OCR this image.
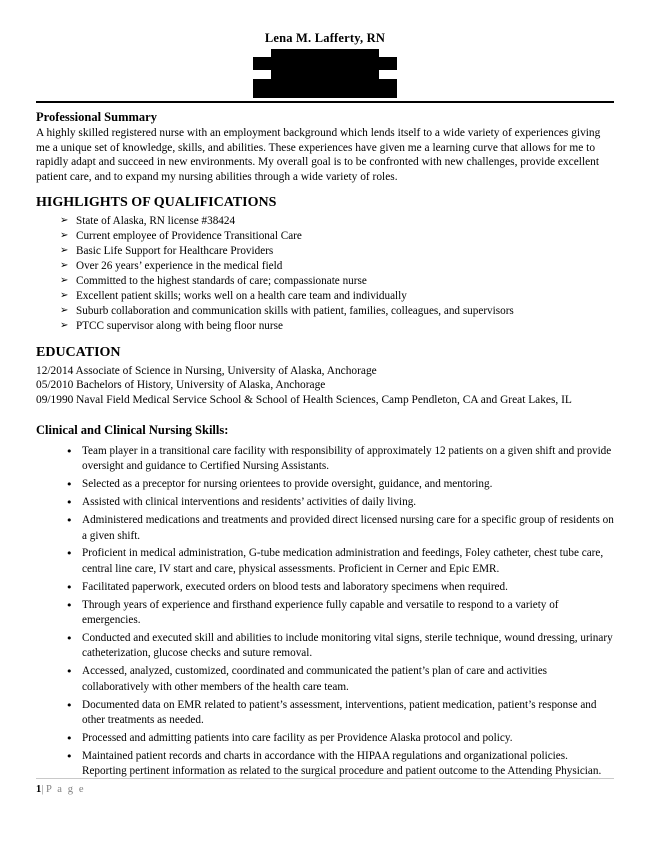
Lena M. Lafferty, RN
Professional Summary
A highly skilled registered nurse with an employment background which lends itself to a wide variety of experiences giving me a unique set of knowledge, skills, and abilities. These experiences have given me a learning curve that allows for me to rapidly adapt and succeed in new environments. My overall goal is to be confronted with new challenges, provide excellent patient care, and to expand my nursing abilities through a wide variety of roles.
HIGHLIGHTS OF QUALIFICATIONS
➢ State of Alaska, RN license #38424
➢ Current employee of Providence Transitional Care
➢ Basic Life Support for Healthcare Providers
➢ Over 26 years’ experience in the medical field
➢ Committed to the highest standards of care; compassionate nurse
➢ Excellent patient skills; works well on a health care team and individually
➢ Suburb collaboration and communication skills with patient, families, colleagues, and supervisors
➢ PTCC supervisor along with being floor nurse
EDUCATION
12/2014 Associate of Science in Nursing, University of Alaska, Anchorage
05/2010 Bachelors of History, University of Alaska, Anchorage
09/1990 Naval Field Medical Service School & School of Health Sciences, Camp Pendleton, CA and Great Lakes, IL
Clinical and Clinical Nursing Skills:
• Team player in a transitional care facility with responsibility of approximately 12 patients on a given shift and provide oversight and guidance to Certified Nursing Assistants.
• Selected as a preceptor for nursing orientees to provide oversight, guidance, and mentoring.
• Assisted with clinical interventions and residents’ activities of daily living.
• Administered medications and treatments and provided direct licensed nursing care for a specific group of residents on a given shift.
• Proficient in medical administration, G-tube medication administration and feedings, Foley catheter, chest tube care, central line care, IV start and care, physical assessments. Proficient in Cerner and Epic EMR.
• Facilitated paperwork, executed orders on blood tests and laboratory specimens when required.
• Through years of experience and firsthand experience fully capable and versatile to respond to a variety of emergencies.
• Conducted and executed skill and abilities to include monitoring vital signs, sterile technique, wound dressing, urinary catheterization, glucose checks and suture removal.
• Accessed, analyzed, customized, coordinated and communicated the patient’s plan of care and activities collaboratively with other members of the health care team.
• Documented data on EMR related to patient’s assessment, interventions, patient medication, patient’s response and other treatments as needed.
• Processed and admitting patients into care facility as per Providence Alaska protocol and policy.
• Maintained patient records and charts in accordance with the HIPAA regulations and organizational policies. Reporting pertinent information as related to the surgical procedure and patient outcome to the Attending Physician.
1| P a g e
